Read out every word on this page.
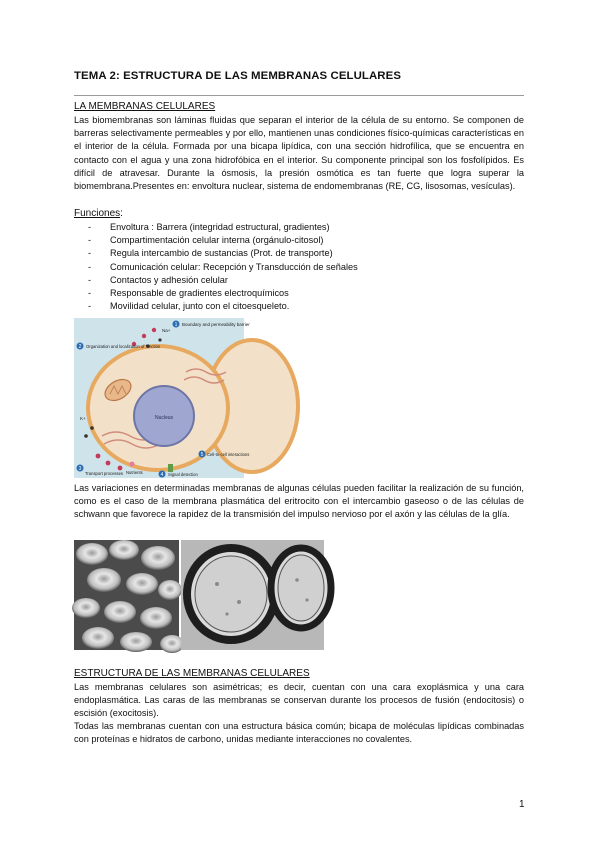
TEMA 2: ESTRUCTURA DE LAS MEMBRANAS CELULARES
LA MEMBRANAS CELULARES
Las biomembranas son láminas fluidas que separan el interior de la célula de su entorno. Se componen de barreras selectivamente permeables y por ello, mantienen unas condiciones físico-químicas características en el interior de la célula. Formada por una bicapa lipídica, con una sección hidrofílica, que se encuentra en contacto con el agua y una zona hidrofóbica en el interior. Su componente principal son los fosfolípidos. Es difícil de atravesar. Durante la ósmosis, la presión osmótica es tan fuerte que logra superar la biomembrana.Presentes en: envoltura nuclear, sistema de endomembranas (RE, CG, lisosomas, vesículas).
Funciones:
- Envoltura : Barrera (integridad estructural, gradientes)
- Compartimentación celular interna (orgánulo-citosol)
- Regula intercambio de sustancias (Prot. de transporte)
- Comunicación celular: Recepción y Transducción de señales
- Contactos y adhesión celular
- Responsable de gradientes electroquímicos
- Movilidad celular, junto con el citoesqueleto.
Nucleus
1 Boundary and permeability barrier
2 Organization and localization of function
3
Transport processes Nutrients	4 Signal detection
5 Cell-to-cell interactions
Na+
K+
Las variaciones en determinadas membranas de algunas células pueden facilitar la realización de su función, como es el caso de la membrana plasmática del eritrocito con el intercambio gaseoso o de las células de schwann que favorece la rapidez de la transmisión del impulso nervioso por el axón y las células de la glía.
ESTRUCTURA DE LAS MEMBRANAS CELULARES
Las membranas celulares son asimétricas; es decir, cuentan con una cara exoplásmica y una cara endoplasmática. Las caras de las membranas se conservan durante los procesos de fusión (endocitosis) o escisión (exocitosis).
Todas las membranas cuentan con una estructura básica común; bicapa de moléculas lipídicas combinadas con proteínas e hidratos de carbono, unidas mediante interacciones no covalentes.
1
